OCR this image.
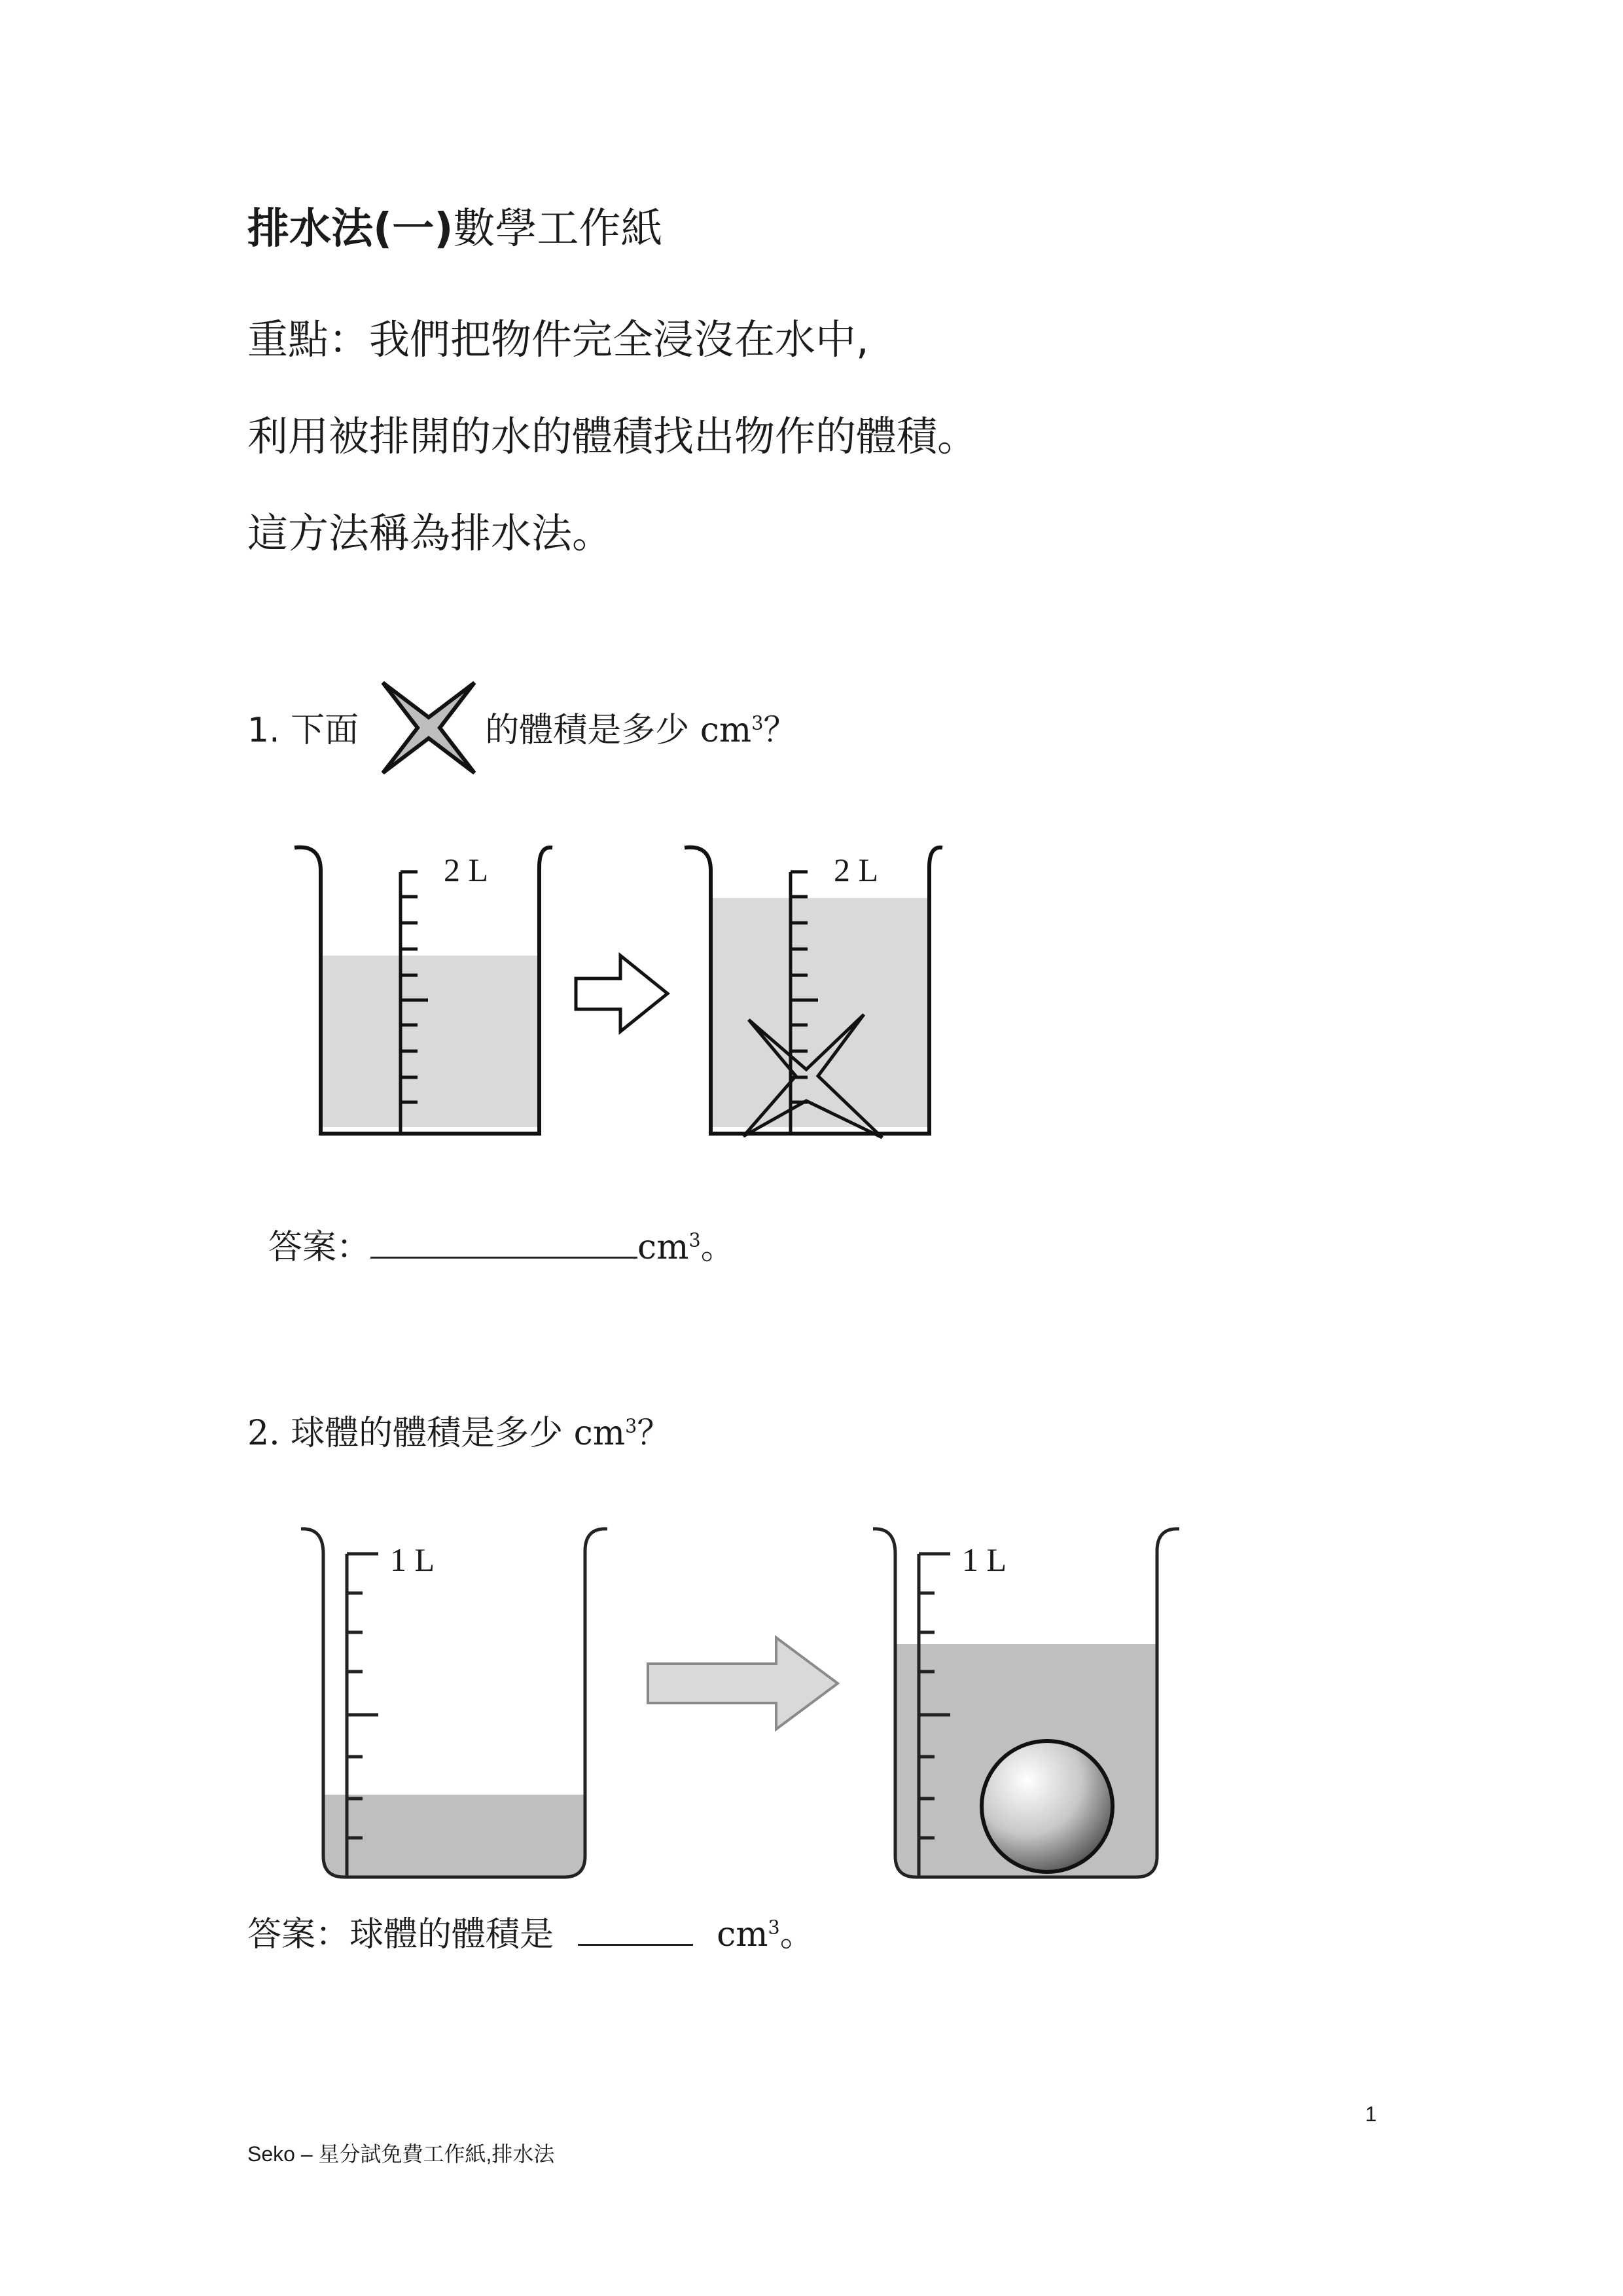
排水法(一)數學工作紙
重點：我們把物件完全浸沒在水中,
利用被排開的水的體積找出物作的體積。
這方法稱為排水法。
1. 下面	的體積是多少 $cm^3$？
2 L	2 L
答案：	$cm^3$。
2. 球體的體積是多少 $cm^3$？
1 L	1 L
答案：球體的體積是	$cm^3$。
1
Seko – 星分試免費工作紙,排水法
